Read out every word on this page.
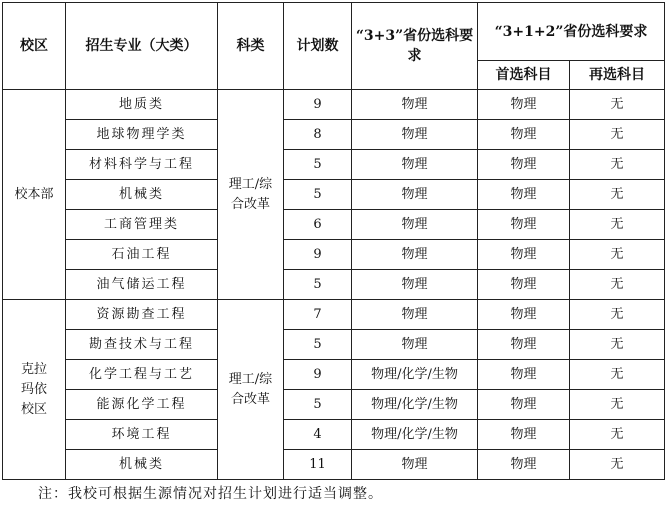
校区	招生专业（大类）	科类	计划数	“3+3”省份选科要求	“3+1+2”省份选科要求	
					首选科目	再选科目
校本部	地质类	理工/综合改革	9	物理	物理	无
	地球物理学类		8	物理	物理	无
	材料科学与工程		5	物理	物理	无
	机械类		5	物理	物理	无
	工商管理类		6	物理	物理	无
	石油工程		9	物理	物理	无
	油气储运工程		5	物理	物理	无
克拉玛依校区	资源勘查工程	理工/综合改革	7	物理	物理	无
	勘查技术与工程		5	物理	物理	无
	化学工程与工艺		9	物理/化学/生物	物理	无
	能源化学工程		5	物理/化学/生物	物理	无
	环境工程		4	物理/化学/生物	物理	无
	机械类		11	物理	物理	无
注：我校可根据生源情况对招生计划进行适当调整。
